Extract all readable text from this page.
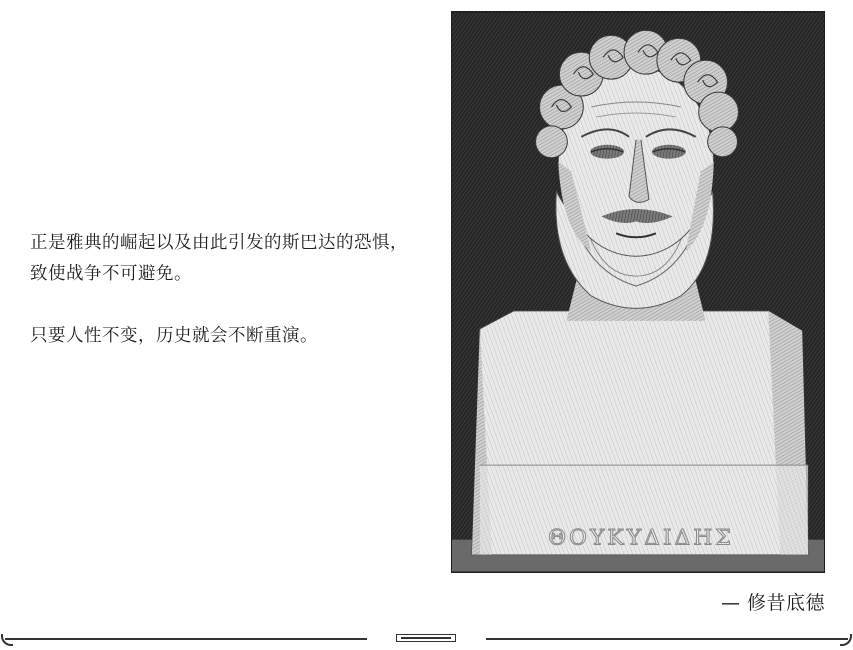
正是雅典的崛起以及由此引发的斯巴达的恐惧，致使战争不可避免。

只要人性不变，历史就会不断重演。

ΘΟΥΚΥΔΙΔΗΣ
— 修昔底德
